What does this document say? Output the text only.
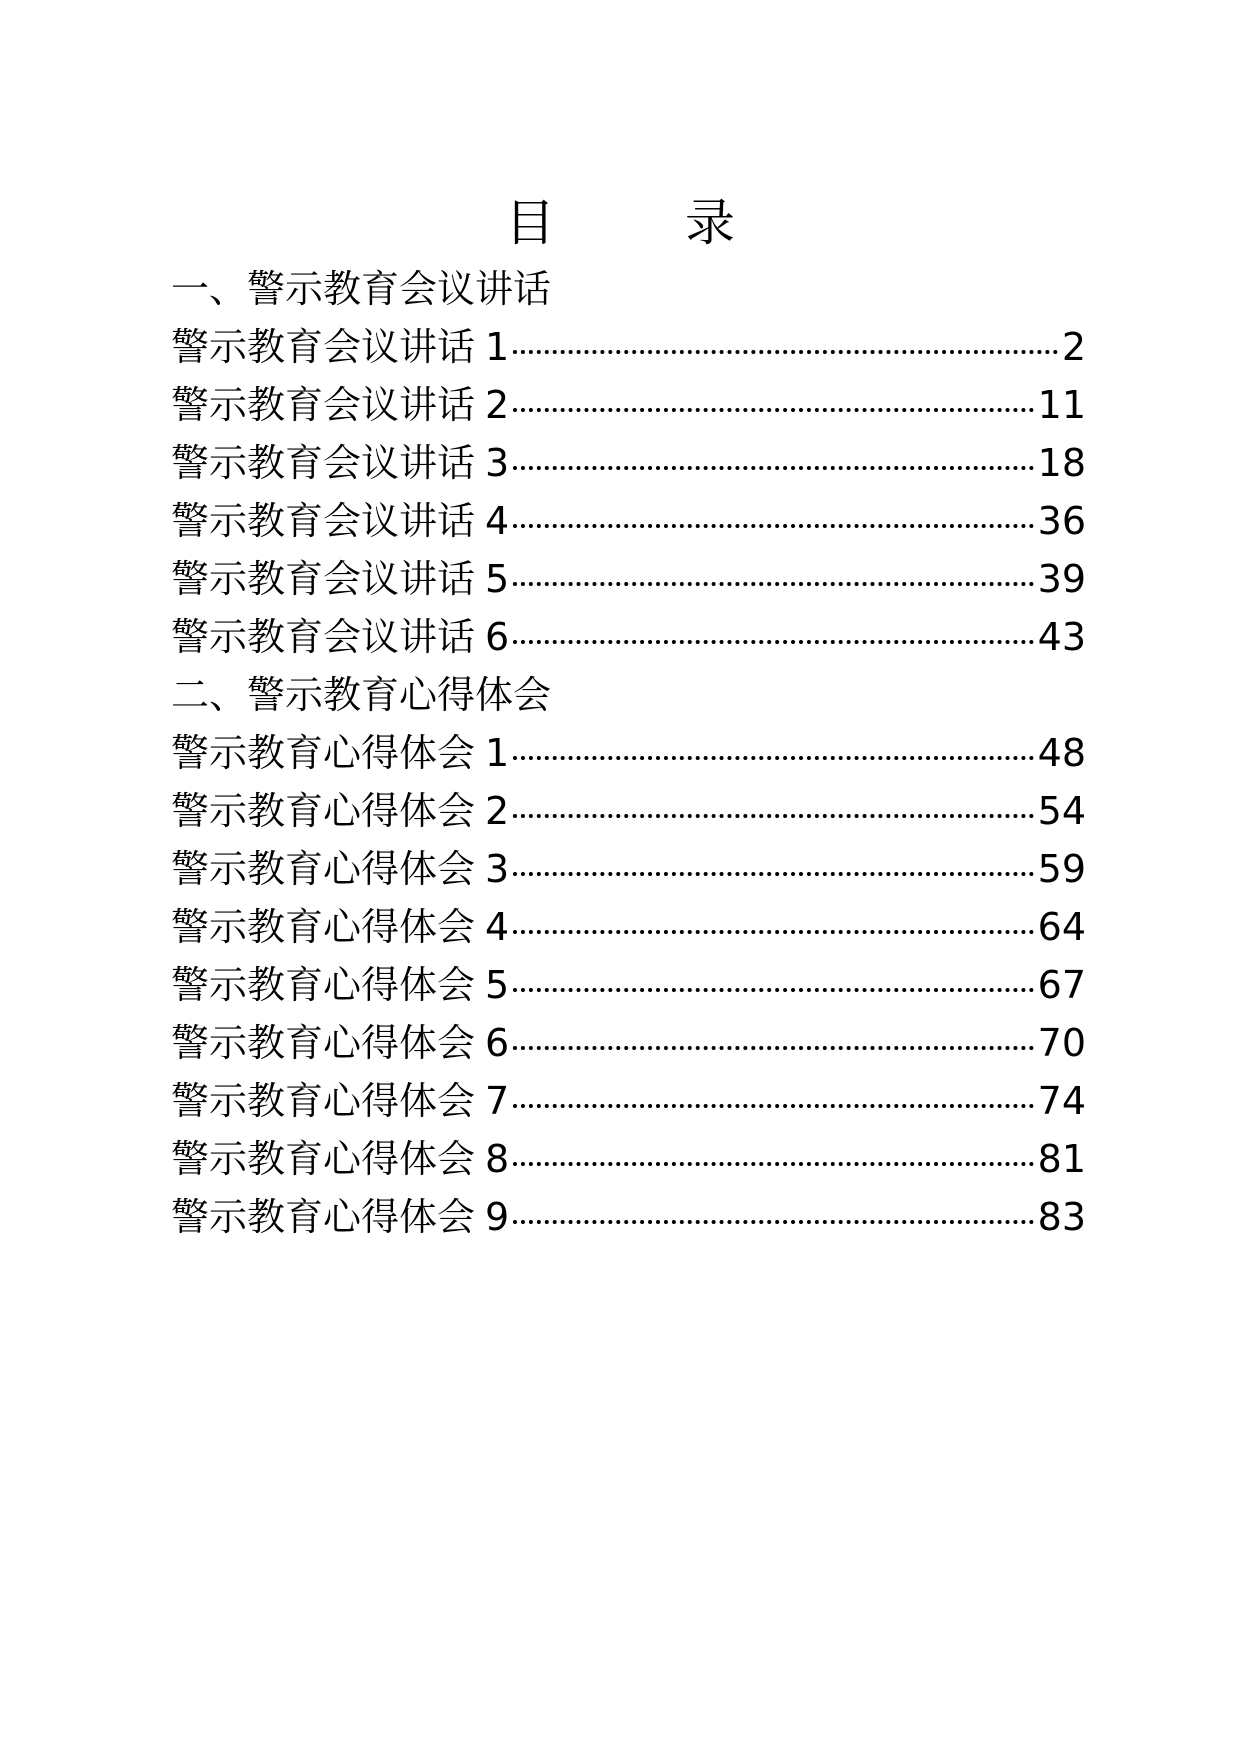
目　录
一、警示教育会议讲话
警示教育会议讲话 1	2
警示教育会议讲话 2	11
警示教育会议讲话 3	18
警示教育会议讲话 4	36
警示教育会议讲话 5	39
警示教育会议讲话 6	43
二、警示教育心得体会
警示教育心得体会 1	48
警示教育心得体会 2	54
警示教育心得体会 3	59
警示教育心得体会 4	64
警示教育心得体会 5	67
警示教育心得体会 6	70
警示教育心得体会 7	74
警示教育心得体会 8	81
警示教育心得体会 9	83
